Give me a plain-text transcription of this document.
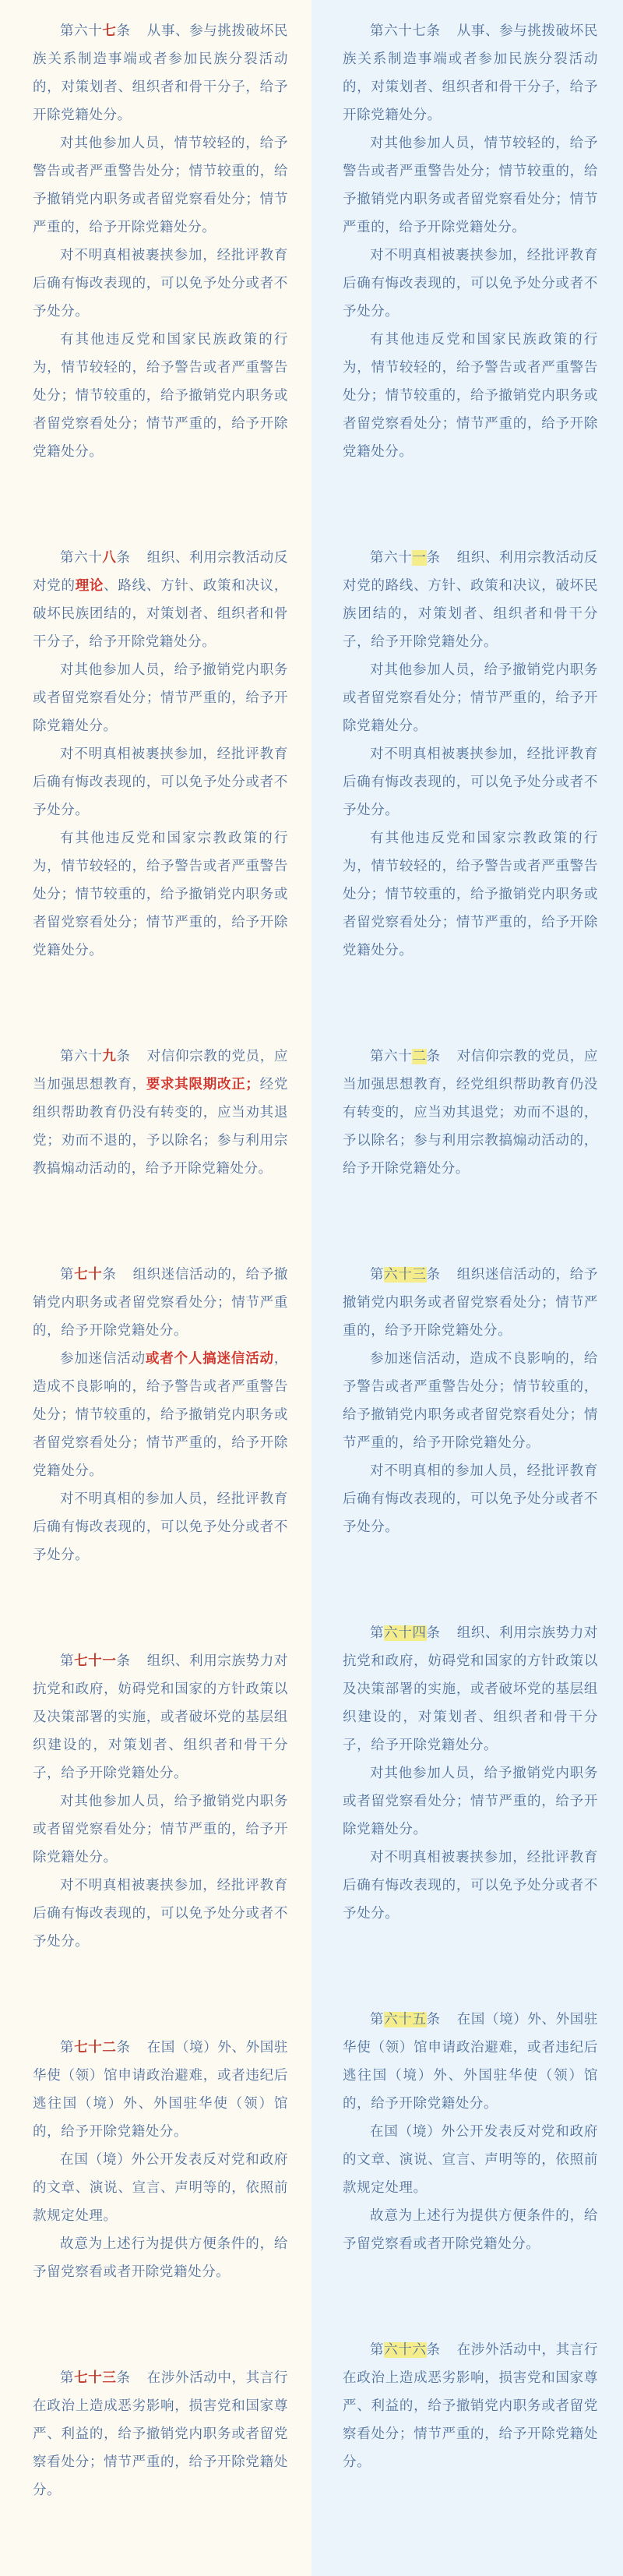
第六十七条 从事、参与挑拨破坏民族关系制造事端或者参加民族分裂活动的，对策划者、组织者和骨干分子，给予开除党籍处分。

对其他参加人员，情节较轻的，给予警告或者严重警告处分；情节较重的，给予撤销党内职务或者留党察看处分；情节严重的，给予开除党籍处分。

对不明真相被裹挟参加，经批评教育后确有悔改表现的，可以免予处分或者不予处分。

有其他违反党和国家民族政策的行为，情节较轻的，给予警告或者严重警告处分；情节较重的，给予撤销党内职务或者留党察看处分；情节严重的，给予开除党籍处分。

第六十八条 组织、利用宗教活动反对党的理论、路线、方针、政策和决议，破坏民族团结的，对策划者、组织者和骨干分子，给予开除党籍处分。

对其他参加人员，给予撤销党内职务或者留党察看处分；情节严重的，给予开除党籍处分。

对不明真相被裹挟参加，经批评教育后确有悔改表现的，可以免予处分或者不予处分。

有其他违反党和国家宗教政策的行为，情节较轻的，给予警告或者严重警告处分；情节较重的，给予撤销党内职务或者留党察看处分；情节严重的，给予开除党籍处分。

第六十九条 对信仰宗教的党员，应当加强思想教育，要求其限期改正；经党组织帮助教育仍没有转变的，应当劝其退党；劝而不退的，予以除名；参与利用宗教搞煽动活动的，给予开除党籍处分。

第七十条 组织迷信活动的，给予撤销党内职务或者留党察看处分；情节严重的，给予开除党籍处分。

参加迷信活动或者个人搞迷信活动，造成不良影响的，给予警告或者严重警告处分；情节较重的，给予撤销党内职务或者留党察看处分；情节严重的，给予开除党籍处分。

对不明真相的参加人员，经批评教育后确有悔改表现的，可以免予处分或者不予处分。

第七十一条 组织、利用宗族势力对抗党和政府，妨碍党和国家的方针政策以及决策部署的实施，或者破坏党的基层组织建设的，对策划者、组织者和骨干分子，给予开除党籍处分。

对其他参加人员，给予撤销党内职务或者留党察看处分；情节严重的，给予开除党籍处分。

对不明真相被裹挟参加，经批评教育后确有悔改表现的，可以免予处分或者不予处分。

第七十二条 在国（境）外、外国驻华使（领）馆申请政治避难，或者违纪后逃往国（境）外、外国驻华使（领）馆的，给予开除党籍处分。

在国（境）外公开发表反对党和政府的文章、演说、宣言、声明等的，依照前款规定处理。

故意为上述行为提供方便条件的，给予留党察看或者开除党籍处分。

第七十三条 在涉外活动中，其言行在政治上造成恶劣影响，损害党和国家尊严、利益的，给予撤销党内职务或者留党察看处分；情节严重的，给予开除党籍处分。

第六十七条 从事、参与挑拨破坏民族关系制造事端或者参加民族分裂活动的，对策划者、组织者和骨干分子，给予开除党籍处分。

对其他参加人员，情节较轻的，给予警告或者严重警告处分；情节较重的，给予撤销党内职务或者留党察看处分；情节严重的，给予开除党籍处分。

对不明真相被裹挟参加，经批评教育后确有悔改表现的，可以免予处分或者不予处分。

有其他违反党和国家民族政策的行为，情节较轻的，给予警告或者严重警告处分；情节较重的，给予撤销党内职务或者留党察看处分；情节严重的，给予开除党籍处分。

第六十一条 组织、利用宗教活动反对党的路线、方针、政策和决议，破坏民族团结的，对策划者、组织者和骨干分子，给予开除党籍处分。

对其他参加人员，给予撤销党内职务或者留党察看处分；情节严重的，给予开除党籍处分。

对不明真相被裹挟参加，经批评教育后确有悔改表现的，可以免予处分或者不予处分。

有其他违反党和国家宗教政策的行为，情节较轻的，给予警告或者严重警告处分；情节较重的，给予撤销党内职务或者留党察看处分；情节严重的，给予开除党籍处分。

第六十二条 对信仰宗教的党员，应当加强思想教育，经党组织帮助教育仍没有转变的，应当劝其退党；劝而不退的，予以除名；参与利用宗教搞煽动活动的，给予开除党籍处分。

第六十三条 组织迷信活动的，给予撤销党内职务或者留党察看处分；情节严重的，给予开除党籍处分。

参加迷信活动，造成不良影响的，给予警告或者严重警告处分；情节较重的，给予撤销党内职务或者留党察看处分；情节严重的，给予开除党籍处分。

对不明真相的参加人员，经批评教育后确有悔改表现的，可以免予处分或者不予处分。

第六十四条 组织、利用宗族势力对抗党和政府，妨碍党和国家的方针政策以及决策部署的实施，或者破坏党的基层组织建设的，对策划者、组织者和骨干分子，给予开除党籍处分。

对其他参加人员，给予撤销党内职务或者留党察看处分；情节严重的，给予开除党籍处分。

对不明真相被裹挟参加，经批评教育后确有悔改表现的，可以免予处分或者不予处分。

第六十五条 在国（境）外、外国驻华使（领）馆申请政治避难，或者违纪后逃往国（境）外、外国驻华使（领）馆的，给予开除党籍处分。

在国（境）外公开发表反对党和政府的文章、演说、宣言、声明等的，依照前款规定处理。

故意为上述行为提供方便条件的，给予留党察看或者开除党籍处分。

第六十六条 在涉外活动中，其言行在政治上造成恶劣影响，损害党和国家尊严、利益的，给予撤销党内职务或者留党察看处分；情节严重的，给予开除党籍处分。
